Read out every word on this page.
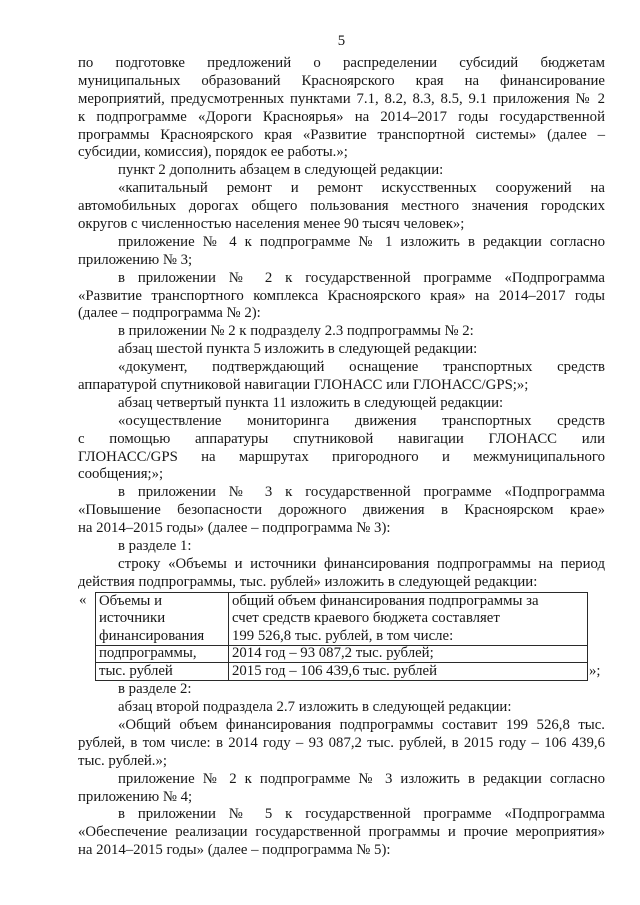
5
по подготовке предложений о распределении субсидий бюджетам
муниципальных образований Красноярского края на финансирование
мероприятий, предусмотренных пунктами 7.1, 8.2, 8.3, 8.5, 9.1 приложения № 2
к подпрограмме «Дороги Красноярья» на 2014–2017 годы государственной
программы Красноярского края «Развитие транспортной системы» (далее –
субсидии, комиссия), порядок ее работы.»;
пункт 2 дополнить абзацем в следующей редакции:
«капитальный ремонт и ремонт искусственных сооружений на
автомобильных дорогах общего пользования местного значения городских
округов с численностью населения менее 90 тысяч человек»;
приложение № 4 к подпрограмме № 1 изложить в редакции согласно
приложению № 3;
в приложении № 2 к государственной программе «Подпрограмма
«Развитие транспортного комплекса Красноярского края» на 2014–2017 годы
(далее – подпрограмма № 2):
в приложении № 2 к подразделу 2.3 подпрограммы № 2:
абзац шестой пункта 5 изложить в следующей редакции:
«документ, подтверждающий оснащение транспортных средств
аппаратурой спутниковой навигации ГЛОНАСС или ГЛОНАСС/GPS;»;
абзац четвертый пункта 11 изложить в следующей редакции:
«осуществление мониторинга движения транспортных средств
с помощью аппаратуры спутниковой навигации ГЛОНАСС или
ГЛОНАСС/GPS на маршрутах пригородного и межмуниципального
сообщения;»;
в приложении № 3 к государственной программе «Подпрограмма
«Повышение безопасности дорожного движения в Красноярском крае»
на 2014–2015 годы» (далее – подпрограмма № 3):
в разделе 1:
строку «Объемы и источники финансирования подпрограммы на период
действия подпрограммы, тыс. рублей» изложить в следующей редакции:
« Объемы и
источники
финансирования
подпрограммы,
тыс. рублей
общий объем финансирования подпрограммы за
счет средств краевого бюджета составляет
199 526,8 тыс. рублей, в том числе:
2014 год – 93 087,2 тыс. рублей;
2015 год – 106 439,6 тыс. рублей	»;
в разделе 2:
абзац второй подраздела 2.7 изложить в следующей редакции:
«Общий объем финансирования подпрограммы составит 199 526,8 тыс.
рублей, в том числе: в 2014 году – 93 087,2 тыс. рублей, в 2015 году – 106 439,6
тыс. рублей.»;
приложение № 2 к подпрограмме № 3 изложить в редакции согласно
приложению № 4;
в приложении № 5 к государственной программе «Подпрограмма
«Обеспечение реализации государственной программы и прочие мероприятия»
на 2014–2015 годы» (далее – подпрограмма № 5):
